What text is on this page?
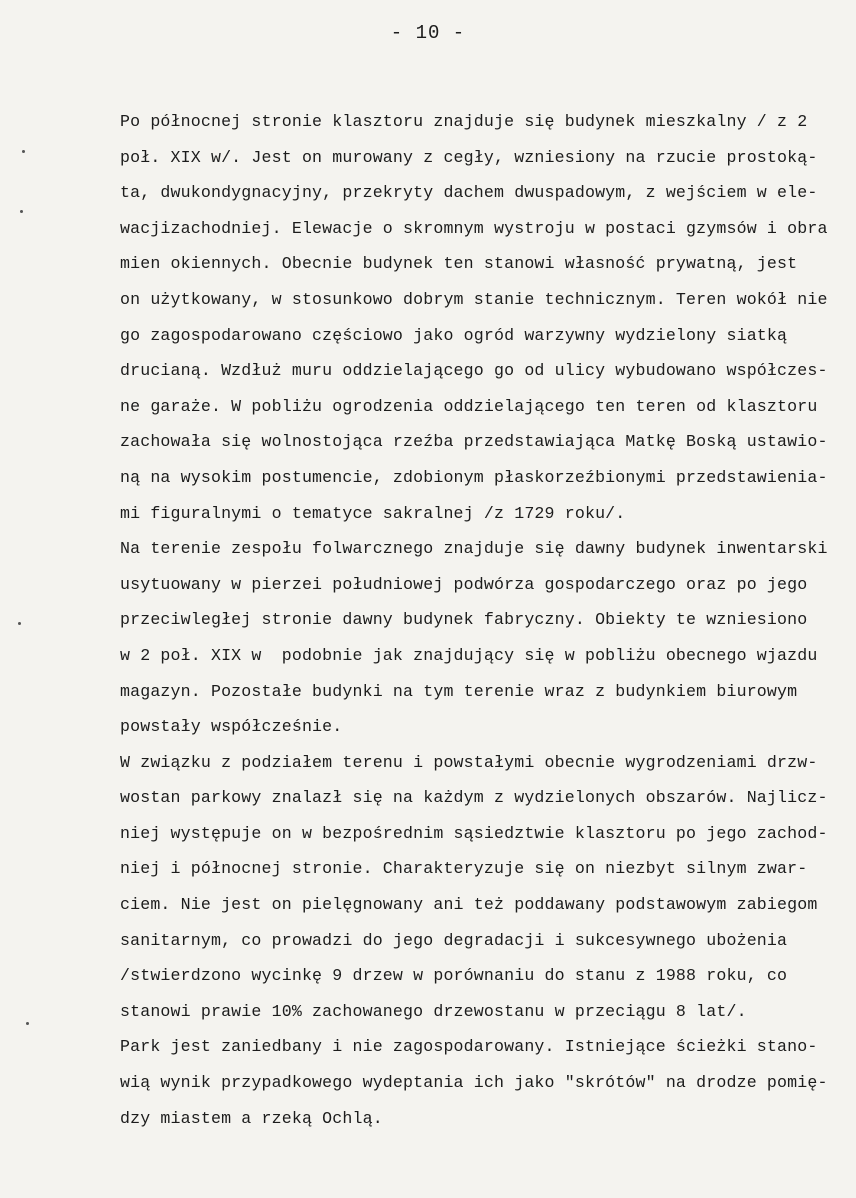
- 10 -
Po północnej stronie klasztoru znajduje się budynek mieszkalny / z 2
poł. XIX w/. Jest on murowany z cegły, wzniesiony na rzucie prostoką-
ta, dwukondygnacyjny, przekryty dachem dwuspadowym, z wejściem w ele-
wacjizachodniej. Elewacje o skromnym wystroju w postaci gzymsów i obra
mien okiennych. Obecnie budynek ten stanowi własność prywatną, jest
on użytkowany, w stosunkowo dobrym stanie technicznym. Teren wokół nie
go zagospodarowano częściowo jako ogród warzywny wydzielony siatką
drucianą. Wzdłuż muru oddzielającego go od ulicy wybudowano współczes-
ne garaże. W pobliżu ogrodzenia oddzielającego ten teren od klasztoru
zachowała się wolnostojąca rzeźba przedstawiająca Matkę Boską ustawio-
ną na wysokim postumencie, zdobionym płaskorzeźbionymi przedstawienia-
mi figuralnymi o tematyce sakralnej /z 1729 roku/.
Na terenie zespołu folwarcznego znajduje się dawny budynek inwentarski
usytuowany w pierzei południowej podwórza gospodarczego oraz po jego
przeciwległej stronie dawny budynek fabryczny. Obiekty te wzniesiono
w 2 poł. XIX w  podobnie jak znajdujący się w pobliżu obecnego wjazdu
magazyn. Pozostałe budynki na tym terenie wraz z budynkiem biurowym
powstały współcześnie.
W związku z podziałem terenu i powstałymi obecnie wygrodzeniami drzw-
wostan parkowy znalazł się na każdym z wydzielonych obszarów. Najlicz-
niej występuje on w bezpośrednim sąsiedztwie klasztoru po jego zachod-
niej i północnej stronie. Charakteryzuje się on niezbyt silnym zwar-
ciem. Nie jest on pielęgnowany ani też poddawany podstawowym zabiegom
sanitarnym, co prowadzi do jego degradacji i sukcesywnego ubożenia
/stwierdzono wycinkę 9 drzew w porównaniu do stanu z 1988 roku, co
stanowi prawie 10% zachowanego drzewostanu w przeciągu 8 lat/.
Park jest zaniedbany i nie zagospodarowany. Istniejące ścieżki stano-
wią wynik przypadkowego wydeptania ich jako "skrótów" na drodze pomię-
dzy miastem a rzeką Ochlą.
